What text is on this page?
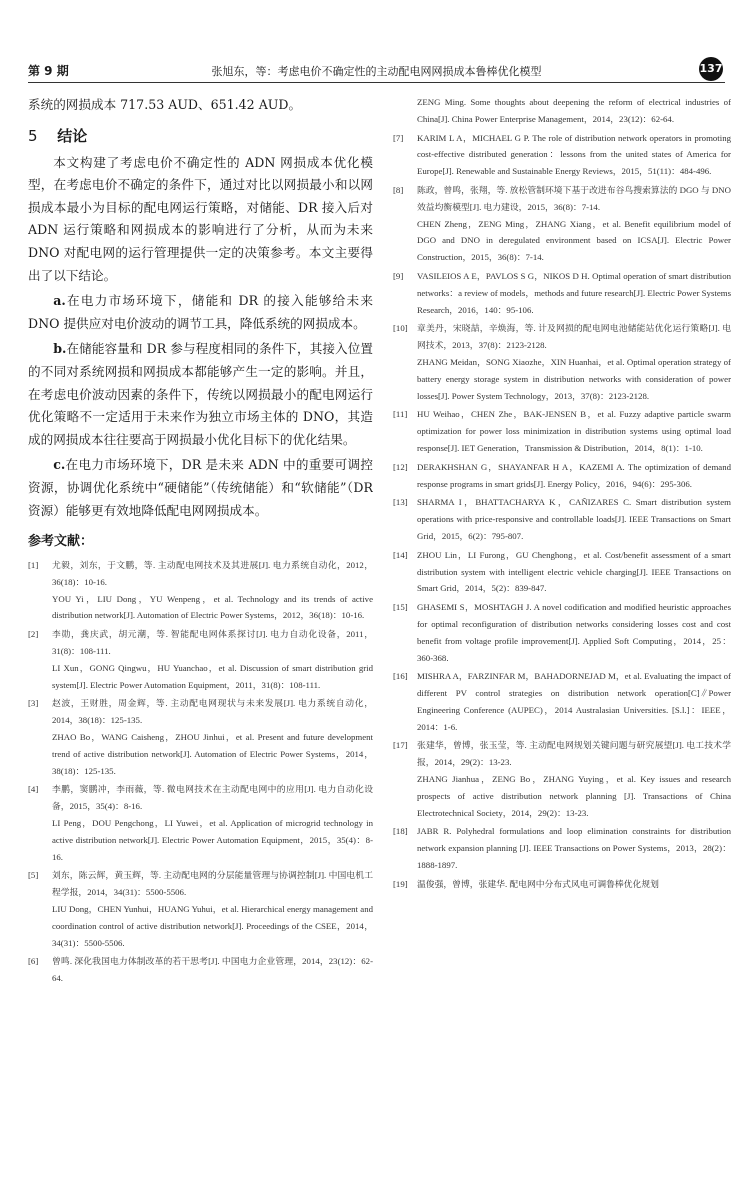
第 9 期	张旭东，等：考虑电价不确定性的主动配电网网损成本鲁棒优化模型	137

系统的网损成本 717.53 AUD、651.42 AUD。

5 结论

本文构建了考虑电价不确定性的 ADN 网损成本优化模型，在考虑电价不确定的条件下，通过对比以网损最小和以网损成本最小为目标的配电网运行策略，对储能、DR 接入后对 ADN 运行策略和网损成本的影响进行了分析，从而为未来 DNO 对配电网的运行管理提供一定的决策参考。本文主要得出了以下结论。

a.在电力市场环境下，储能和 DR 的接入能够给未来 DNO 提供应对电价波动的调节工具，降低系统的网损成本。

b.在储能容量和 DR 参与程度相同的条件下，其接入位置的不同对系统网损和网损成本都能够产生一定的影响。并且，在考虑电价波动因素的条件下，传统以网损最小的配电网运行优化策略不一定适用于未来作为独立市场主体的 DNO，其造成的网损成本往往要高于网损最小优化目标下的优化结果。

c.在电力市场环境下，DR 是未来 ADN 中的重要可调控资源，协调优化系统中“硬储能”（传统储能）和“软储能”（DR 资源）能够更有效地降低配电网网损成本。

参考文献：
[1] 尤毅，刘东，于文鹏，等. 主动配电网技术及其进展[J]. 电力系统自动化，2012，36(18)：10-16.
YOU Yi，LIU Dong，YU Wenpeng，et al. Technology and its trends of active distribution network[J]. Automation of Electric Power Systems，2012，36(18)：10-16.
[2] 李勋，龚庆武，胡元潮，等. 智能配电网体系探讨[J]. 电力自动化设备，2011，31(8)：108-111.
LI Xun，GONG Qingwu，HU Yuanchao，et al. Discussion of smart distribution grid system[J]. Electric Power Automation Equipment，2011，31(8)：108-111.
[3] 赵波，王财胜，周金辉，等. 主动配电网现状与未来发展[J]. 电力系统自动化，2014，38(18)：125-135.
ZHAO Bo，WANG Caisheng，ZHOU Jinhui，et al. Present and future development trend of active distribution network[J]. Automation of Electric Power Systems，2014，38(18)：125-135.
[4] 李鹏，窦鹏冲，李雨薇，等. 微电网技术在主动配电网中的应用[J]. 电力自动化设备，2015，35(4)：8-16.
LI Peng，DOU Pengchong，LI Yuwei，et al. Application of microgrid technology in active distribution network[J]. Electric Power Automation Equipment，2015，35(4)：8-16.
[5] 刘东，陈云辉，黄玉辉，等. 主动配电网的分层能量管理与协调控制[J]. 中国电机工程学报，2014，34(31)：5500-5506.
LIU Dong，CHEN Yunhui，HUANG Yuhui，et al. Hierarchical energy management and coordination control of active distribution network[J]. Proceedings of the CSEE，2014，34(31)：5500-5506.
[6] 曾鸣. 深化我国电力体制改革的若干思考[J]. 中国电力企业管理，2014，23(12)：62-64.
ZENG Ming. Some thoughts about deepening the reform of electrical industries of China[J]. China Power Enterprise Management，2014，23(12)：62-64.
[7] KARIM L A，MICHAEL G P. The role of distribution network operators in promoting cost-effective distributed generation：lessons from the united states of America for Europe[J]. Renewable and Sustainable Energy Reviews，2015，51(11)：484-496.
[8] 陈政，曾鸣，张翔，等. 放松管制环境下基于改进布谷鸟搜索算法的 DGO 与 DNO 效益均衡模型[J]. 电力建设，2015，36(8)：7-14.
CHEN Zheng，ZENG Ming，ZHANG Xiang，et al. Benefit equilibrium model of DGO and DNO in deregulated environment based on ICSA[J]. Electric Power Construction，2015，36(8)：7-14.
[9] VASILEIOS A E，PAVLOS S G，NIKOS D H. Optimal operation of smart distribution networks：a review of models，methods and future research[J]. Electric Power Systems Research，2016，140：95-106.
[10] 章美丹，宋晓喆，辛焕海，等. 计及网损的配电网电池储能站优化运行策略[J]. 电网技术，2013，37(8)：2123-2128.
ZHANG Meidan，SONG Xiaozhe，XIN Huanhai，et al. Optimal operation strategy of battery energy storage system in distribution networks with consideration of power losses[J]. Power System Technology，2013，37(8)：2123-2128.
[11] HU Weihao，CHEN Zhe，BAK-JENSEN B，et al. Fuzzy adaptive particle swarm optimization for power loss minimization in distribution systems using optimal load response[J]. IET Generation，Transmission & Distribution，2014，8(1)：1-10.
[12] DERAKHSHAN G，SHAYANFAR H A，KAZEMI A. The optimization of demand response programs in smart grids[J]. Energy Policy，2016，94(6)：295-306.
[13] SHARMA I，BHATTACHARYA K，CAÑIZARES C. Smart distribution system operations with price-responsive and controllable loads[J]. IEEE Transactions on Smart Grid，2015，6(2)：795-807.
[14] ZHOU Lin，LI Furong，GU Chenghong，et al. Cost/benefit assessment of a smart distribution system with intelligent electric vehicle charging[J]. IEEE Transactions on Smart Grid，2014，5(2)：839-847.
[15] GHASEMI S，MOSHTAGH J. A novel codification and modified heuristic approaches for optimal reconfiguration of distribution networks considering losses cost and cost benefit from voltage profile improvement[J]. Applied Soft Computing，2014，25：360-368.
[16] MISHRA A，FARZINFAR M，BAHADORNEJAD M，et al. Evaluating the impact of different PV control strategies on distribution network operation[C]∥Power Engineering Conference (AUPEC)，2014 Australasian Universities. [S.l.]：IEEE，2014：1-6.
[17] 张建华，曾博，张玉莹，等. 主动配电网规划关键问题与研究展望[J]. 电工技术学报，2014，29(2)：13-23.
ZHANG Jianhua，ZENG Bo，ZHANG Yuying，et al. Key issues and research prospects of active distribution network planning [J]. Transactions of China Electrotechnical Society，2014，29(2)：13-23.
[18] JABR R. Polyhedral formulations and loop elimination constraints for distribution network expansion planning [J]. IEEE Transactions on Power Systems，2013，28(2)：1888-1897.
[19] 温俊强，曾博，张建华. 配电网中分布式风电可调鲁棒优化规划
